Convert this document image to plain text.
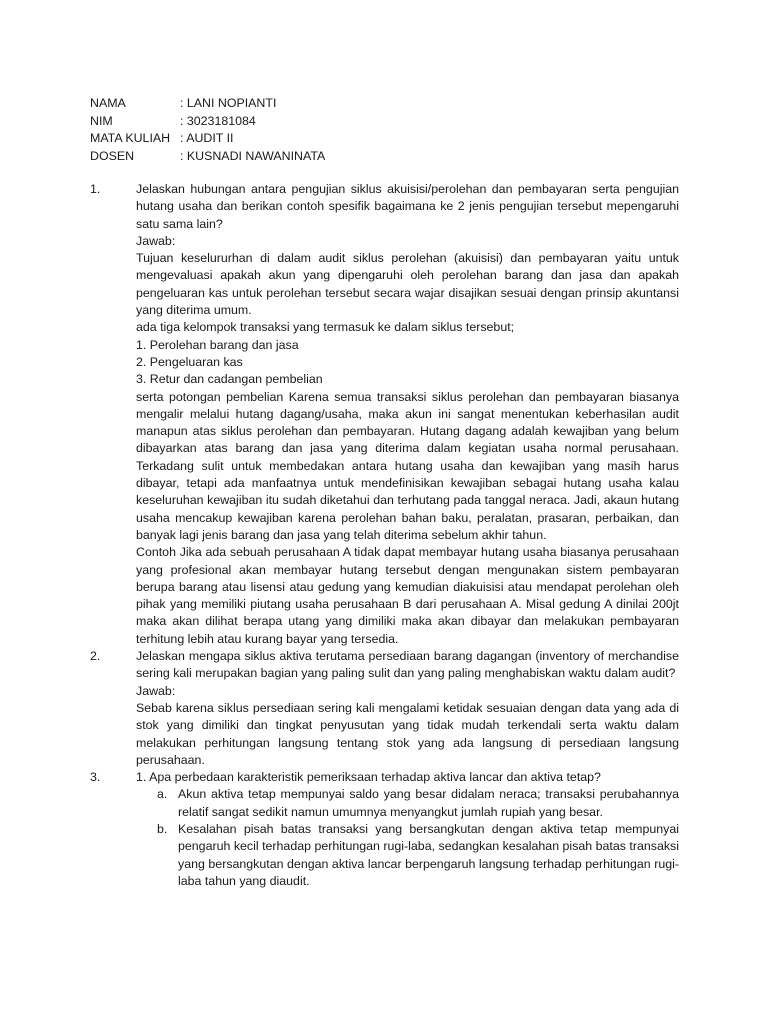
NAMA	: LANI NOPIANTI
NIM	: 3023181084
MATA KULIAH : AUDIT II
DOSEN	: KUSNADI NAWANINATA
1.	Jelaskan hubungan antara pengujian siklus akuisisi/perolehan dan pembayaran serta pengujian hutang usaha dan berikan contoh spesifik bagaimana ke 2 jenis pengujian tersebut mepengaruhi satu sama lain?

Jawab:

Tujuan keselururhan di dalam audit siklus perolehan (akuisisi) dan pembayaran yaitu untuk mengevaluasi apakah akun yang dipengaruhi oleh perolehan barang dan jasa dan apakah pengeluaran kas untuk perolehan tersebut secara wajar disajikan sesuai dengan prinsip akuntansi yang diterima umum.

ada tiga kelompok transaksi yang termasuk ke dalam siklus tersebut;

1. Perolehan barang dan jasa

2. Pengeluaran kas

3. Retur dan cadangan pembelian

serta potongan pembelian Karena semua transaksi siklus perolehan dan pembayaran biasanya mengalir melalui hutang dagang/usaha, maka akun ini sangat menentukan keberhasilan audit manapun atas siklus perolehan dan pembayaran. Hutang dagang adalah kewajiban yang belum dibayarkan atas barang dan jasa yang diterima dalam kegiatan usaha normal perusahaan. Terkadang sulit untuk membedakan antara hutang usaha dan kewajiban yang masih harus dibayar, tetapi ada manfaatnya untuk mendefinisikan kewajiban sebagai hutang usaha kalau keseluruhan kewajiban itu sudah diketahui dan terhutang pada tanggal neraca. Jadi, akaun hutang usaha mencakup kewajiban karena perolehan bahan baku, peralatan, prasaran, perbaikan, dan banyak lagi jenis barang dan jasa yang telah diterima sebelum akhir tahun.

Contoh Jika ada sebuah perusahaan A tidak dapat membayar hutang usaha biasanya perusahaan yang profesional akan membayar hutang tersebut dengan mengunakan sistem pembayaran berupa barang atau lisensi atau gedung yang kemudian diakuisisi atau mendapat perolehan oleh pihak yang memiliki piutang usaha perusahaan B dari perusahaan A. Misal gedung A dinilai 200jt maka akan dilihat berapa utang yang dimiliki maka akan dibayar dan melakukan pembayaran terhitung lebih atau kurang bayar yang tersedia.

2.	Jelaskan mengapa siklus aktiva terutama persediaan barang dagangan (inventory of merchandise sering kali merupakan bagian yang paling sulit dan yang paling menghabiskan waktu dalam audit?

Jawab:

Sebab karena siklus persediaan sering kali mengalami ketidak sesuaian dengan data yang ada di stok yang dimiliki dan tingkat penyusutan yang tidak mudah terkendali serta waktu dalam melakukan perhitungan langsung tentang stok yang ada langsung di persediaan langsung perusahaan.

3.	1. Apa perbedaan karakteristik pemeriksaan terhadap aktiva lancar dan aktiva tetap?

a. Akun aktiva tetap mempunyai saldo yang besar didalam neraca; transaksi perubahannya relatif sangat sedikit namun umumnya menyangkut jumlah rupiah yang besar.
b. Kesalahan pisah batas transaksi yang bersangkutan dengan aktiva tetap mempunyai pengaruh kecil terhadap perhitungan rugi-laba, sedangkan kesalahan pisah batas transaksi yang bersangkutan dengan aktiva lancar berpengaruh langsung terhadap perhitungan rugi-laba tahun yang diaudit.
